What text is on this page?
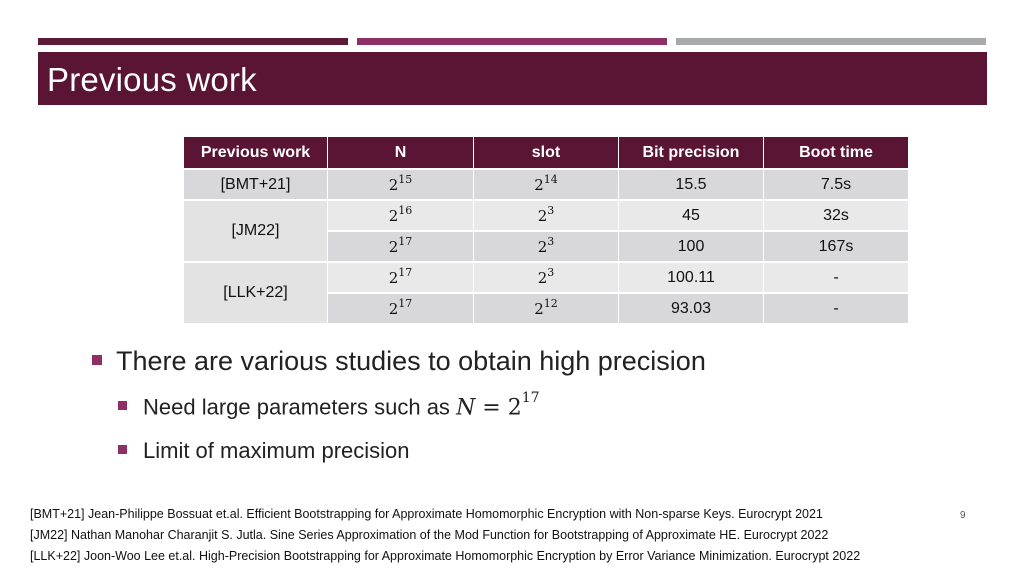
Previous work
Previous work	N	slot	Bit precision	Boot time
[BMT+21]	$2^{15}$	$2^{14}$	15.5	7.5s
[JM22]	$2^{16}$	$2^3$	45	32s
	$2^{17}$	$2^3$	100	167s
[LLK+22]	$2^{17}$	$2^3$	100.11	-
	$2^{17}$	$2^{12}$	93.03	-
There are various studies to obtain high precision
Need large parameters such as $N = 2^{17}$
Limit of maximum precision
[BMT+21] Jean-Philippe Bossuat et.al. Efficient Bootstrapping for Approximate Homomorphic Encryption with Non-sparse Keys. Eurocrypt 2021
[JM22] Nathan Manohar Charanjit S. Jutla. Sine Series Approximation of the Mod Function for Bootstrapping of Approximate HE. Eurocrypt 2022
[LLK+22] Joon-Woo Lee et.al. High-Precision Bootstrapping for Approximate Homomorphic Encryption by Error Variance Minimization. Eurocrypt 2022
9
